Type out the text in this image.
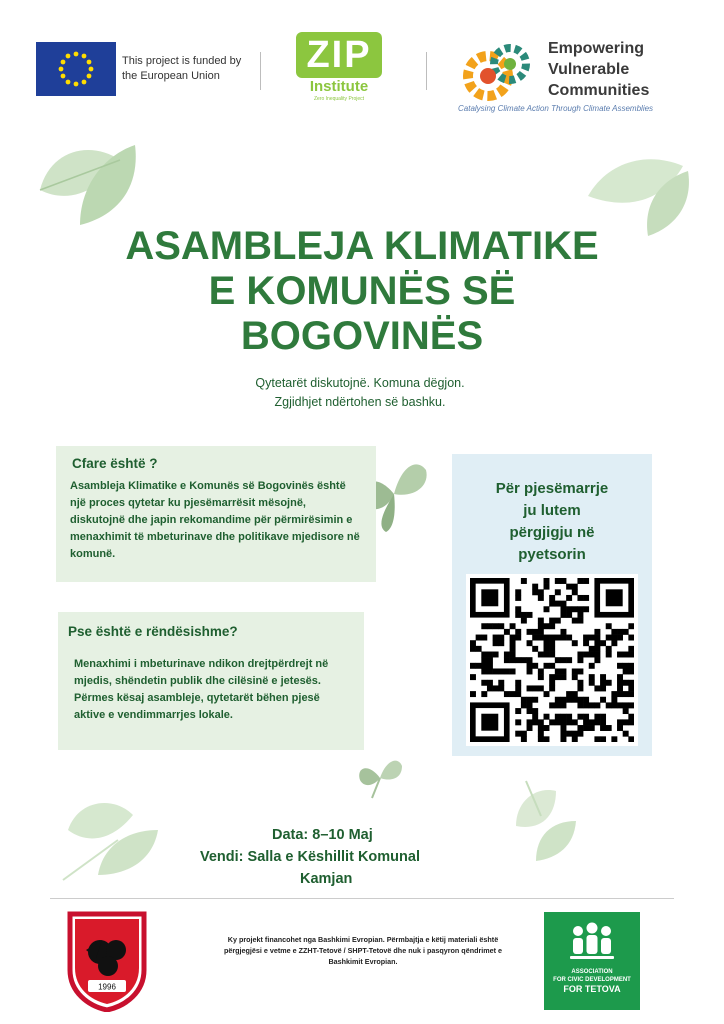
This project is funded by the European Union	ZIP
Institute
Zero Inequality Project
Empowering
Vulnerable
Communities
Catalysing Climate Action Through Climate Assemblies
ASAMBLEJA KLIMATIKE
E KOMUNËS SË
BOGOVINËS
Qytetarët diskutojnë. Komuna dëgjon.
Zgjidhjet ndërtohen së bashku.
Cfare është ?
Asambleja Klimatike e Komunës së Bogovinës është një proces qytetar ku pjesëmarrësit mësojnë, diskutojnë dhe japin rekomandime për përmirësimin e menaxhimit të mbeturinave dhe politikave mjedisore në komunë.
Pse është e rëndësishme?
Menaxhimi i mbeturinave ndikon drejtpërdrejt në mjedis, shëndetin publik dhe cilësinë e jetesës. Përmes kësaj asambleje, qytetarët bëhen pjesë aktive e vendimmarrjes lokale.
Për pjesëmarrje
ju lutem
përgjigju në
pyetsorin
Data: 8–10 Maj
Vendi: Salla e Këshillit Komunal
Kamjan
1996
Ky projekt financohet nga Bashkimi Evropian. Përmbajtja e këtij materiali është përgjegjësi e vetme e ZZHT-Tetovë / SHPT-Tetovë dhe nuk i pasqyron qëndrimet e Bashkimit Evropian.
ASSOCIATION
FOR CIVIC DEVELOPMENT
FOR TETOVA
